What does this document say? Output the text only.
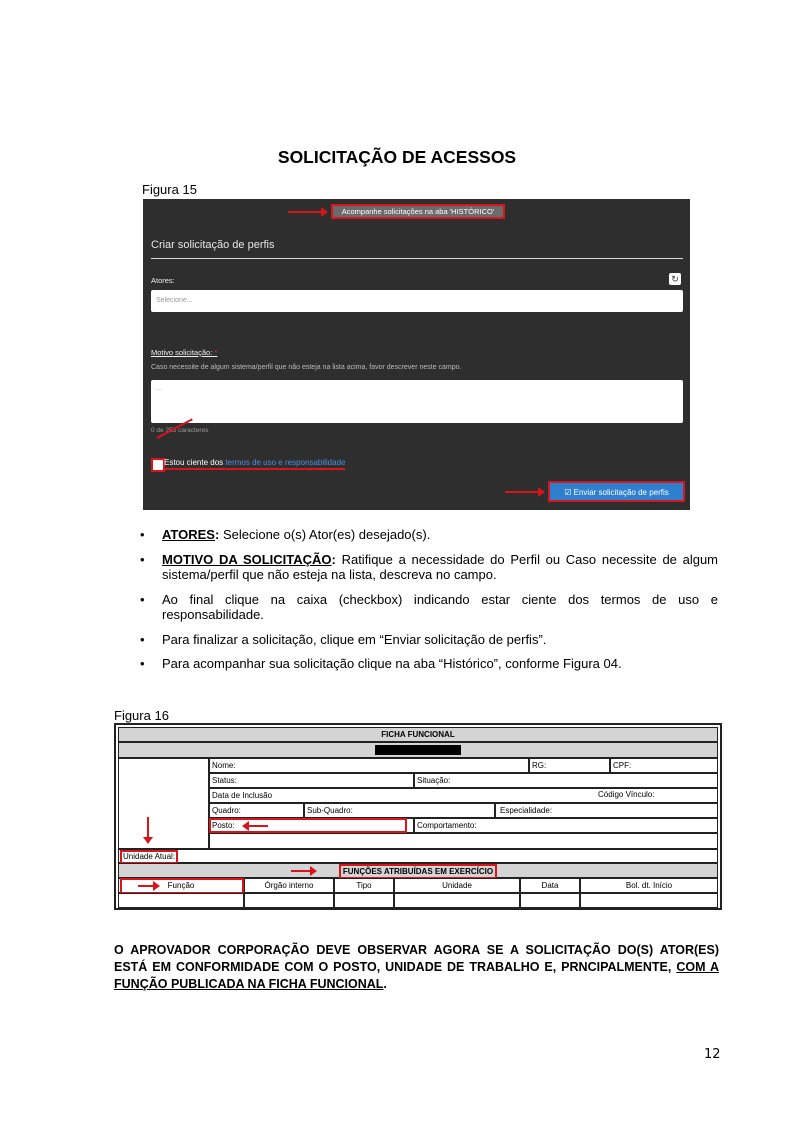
SOLICITAÇÃO DE ACESSOS
Figura 15
Acompanhe solicitações na aba 'HISTÓRICO'
Criar solicitação de perfis
Atores:	↻
Selecione...
Motivo solicitação: *
Caso necessite de algum sistema/perfil que não esteja na lista acima, favor descrever neste campo.
...
0 de 255 caracteres
Estou ciente dos termos de uso e responsabilidade
☑ Enviar solicitação de perfis
• ATORES: Selecione o(s) Ator(es) desejado(s).
• MOTIVO DA SOLICITAÇÃO: Ratifique a necessidade do Perfil ou Caso necessite de algum sistema/perfil que não esteja na lista, descreva no campo.
• Ao final clique na caixa (checkbox) indicando estar ciente dos termos de uso e responsabilidade.
• Para finalizar a solicitação, clique em “Enviar solicitação de perfis”.
• Para acompanhar sua solicitação clique na aba “Histórico”, conforme Figura 04.
Figura 16
FICHA FUNCIONAL
Nome:	RG:	CPF:
Status:	Situação:
Data de Inclusão	Código Vínculo:
Quadro:	Sub-Quadro:	Especialidade:
Posto:	Comportamento:
Unidade Atual:
FUNÇÕES ATRIBUÍDAS EM EXERCÍCIO
Função	Órgão interno	Tipo	Unidade	Data	Bol. dt. Início
O APROVADOR CORPORAÇÃO DEVE OBSERVAR AGORA SE A SOLICITAÇÃO DO(S) ATOR(ES) ESTÁ EM CONFORMIDADE COM O POSTO, UNIDADE DE TRABALHO E, PRNCIPALMENTE, COM A FUNÇÃO PUBLICADA NA FICHA FUNCIONAL.
12
